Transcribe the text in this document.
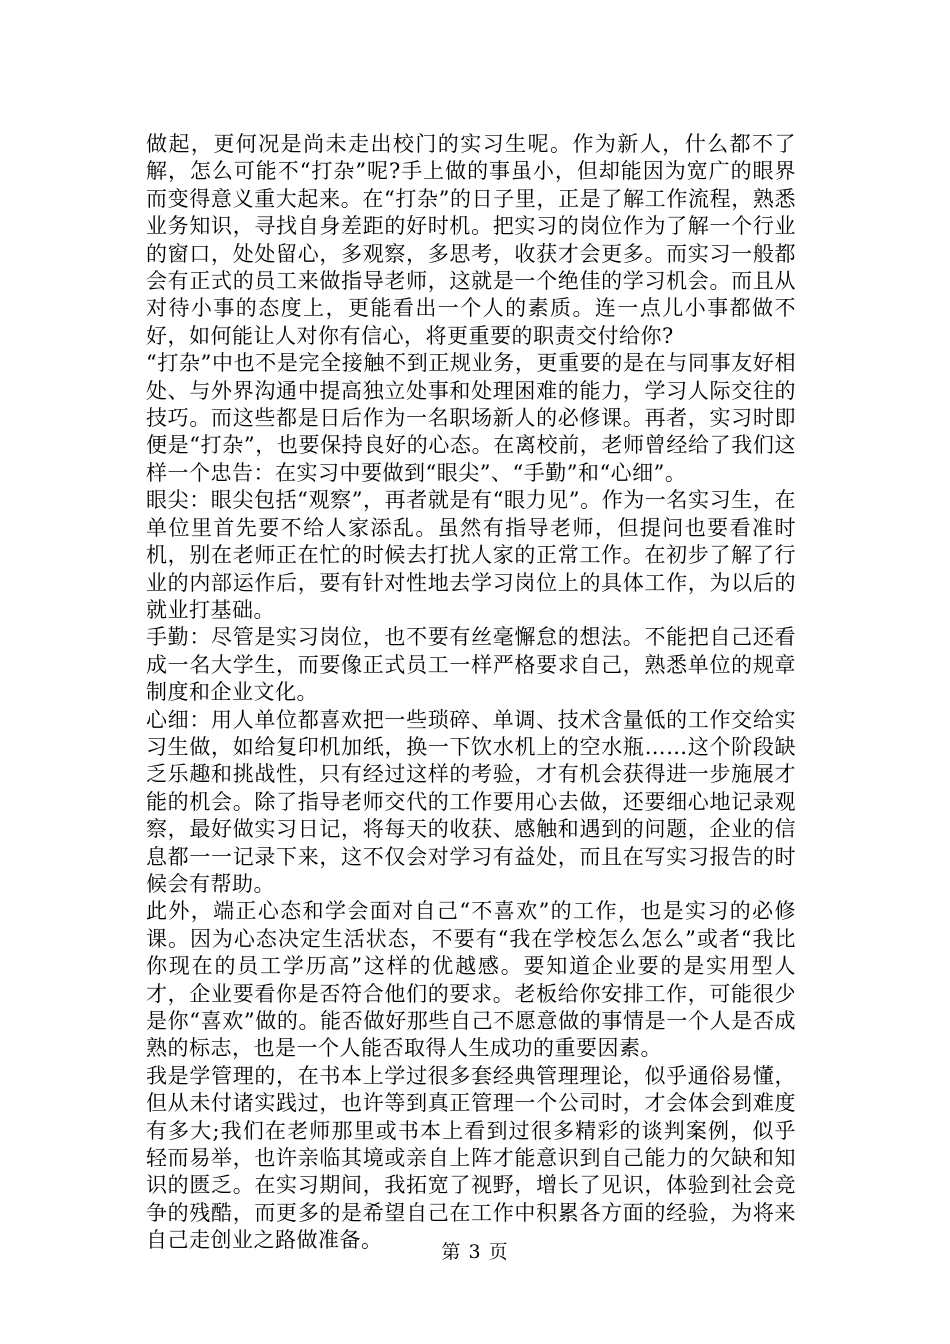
做起，更何况是尚未走出校门的实习生呢。作为新人，什么都不了解，怎么可能不“打杂”呢?手上做的事虽小，但却能因为宽广的眼界而变得意义重大起来。在“打杂”的日子里，正是了解工作流程，熟悉业务知识，寻找自身差距的好时机。把实习的岗位作为了解一个行业的窗口，处处留心，多观察，多思考，收获才会更多。而实习一般都会有正式的员工来做指导老师，这就是一个绝佳的学习机会。而且从对待小事的态度上，更能看出一个人的素质。连一点儿小事都做不好，如何能让人对你有信心，将更重要的职责交付给你?

“打杂”中也不是完全接触不到正规业务，更重要的是在与同事友好相处、与外界沟通中提高独立处事和处理困难的能力，学习人际交往的技巧。而这些都是日后作为一名职场新人的必修课。再者，实习时即便是“打杂”，也要保持良好的心态。在离校前，老师曾经给了我们这样一个忠告：在实习中要做到“眼尖”、“手勤”和“心细”。

眼尖：眼尖包括“观察”，再者就是有“眼力见”。作为一名实习生，在单位里首先要不给人家添乱。虽然有指导老师，但提问也要看准时机，别在老师正在忙的时候去打扰人家的正常工作。在初步了解了行业的内部运作后，要有针对性地去学习岗位上的具体工作，为以后的就业打基础。

手勤：尽管是实习岗位，也不要有丝毫懈怠的想法。不能把自己还看成一名大学生，而要像正式员工一样严格要求自己，熟悉单位的规章制度和企业文化。

心细：用人单位都喜欢把一些琐碎、单调、技术含量低的工作交给实习生做，如给复印机加纸，换一下饮水机上的空水瓶……这个阶段缺乏乐趣和挑战性，只有经过这样的考验，才有机会获得进一步施展才能的机会。除了指导老师交代的工作要用心去做，还要细心地记录观察，最好做实习日记，将每天的收获、感触和遇到的问题，企业的信息都一一记录下来，这不仅会对学习有益处，而且在写实习报告的时候会有帮助。

此外，端正心态和学会面对自己“不喜欢”的工作，也是实习的必修课。因为心态决定生活状态，不要有“我在学校怎么怎么”或者“我比你现在的员工学历高”这样的优越感。要知道企业要的是实用型人才，企业要看你是否符合他们的要求。老板给你安排工作，可能很少是你“喜欢”做的。能否做好那些自己不愿意做的事情是一个人是否成熟的标志，也是一个人能否取得人生成功的重要因素。

我是学管理的，在书本上学过很多套经典管理理论，似乎通俗易懂，但从未付诸实践过，也许等到真正管理一个公司时，才会体会到难度有多大;我们在老师那里或书本上看到过很多精彩的谈判案例，似乎轻而易举，也许亲临其境或亲自上阵才能意识到自己能力的欠缺和知识的匮乏。在实习期间，我拓宽了视野，增长了见识，体验到社会竞争的残酷，而更多的是希望自己在工作中积累各方面的经验，为将来自己走创业之路做准备。	第 3 页
